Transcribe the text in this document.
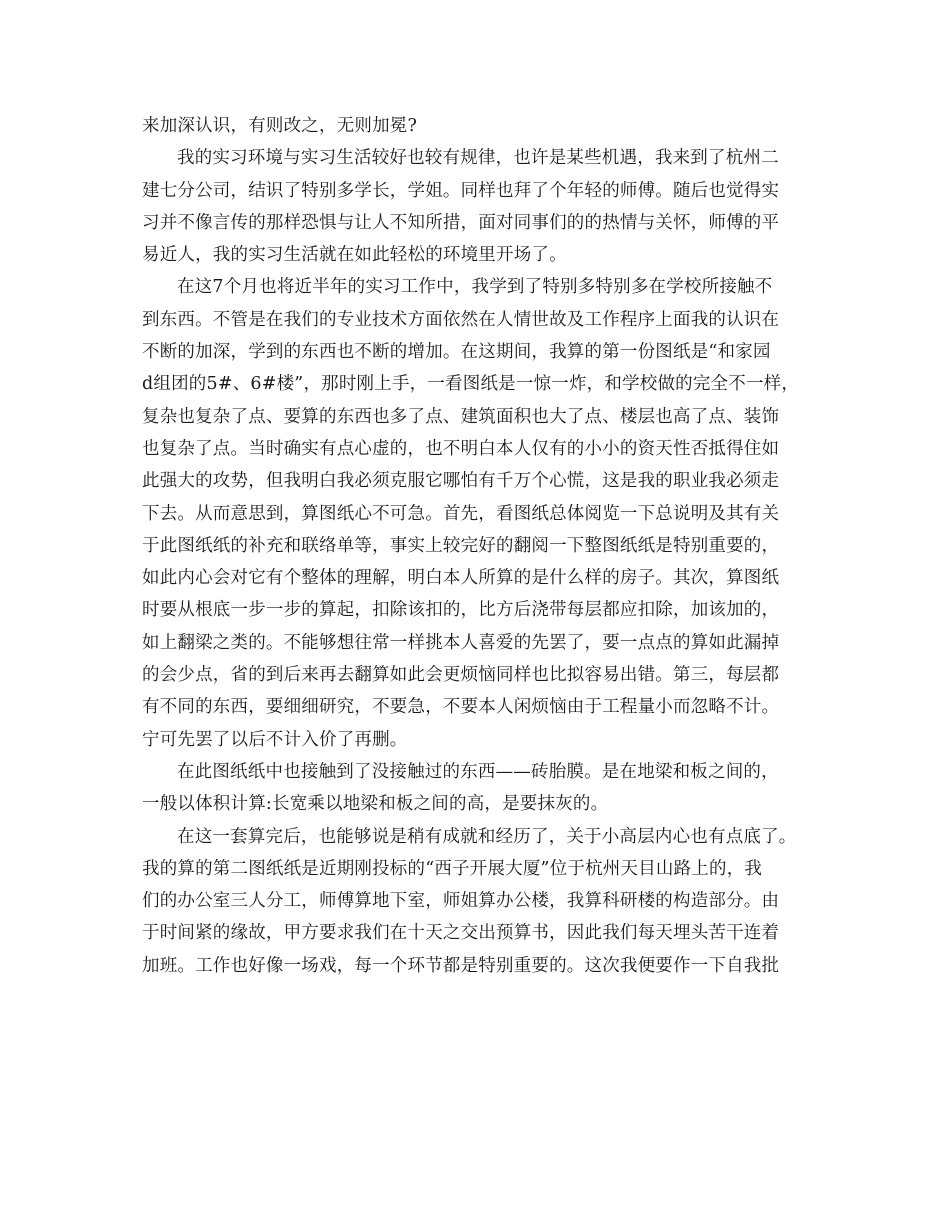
来加深认识，有则改之，无则加冕?
我的实习环境与实习生活较好也较有规律，也许是某些机遇，我来到了杭州二
建七分公司，结识了特别多学长，学姐。同样也拜了个年轻的师傅。随后也觉得实
习并不像言传的那样恐惧与让人不知所措，面对同事们的的热情与关怀，师傅的平
易近人，我的实习生活就在如此轻松的环境里开场了。
在这7个月也将近半年的实习工作中，我学到了特别多特别多在学校所接触不
到东西。不管是在我们的专业技术方面依然在人情世故及工作程序上面我的认识在
不断的加深，学到的东西也不断的增加。在这期间，我算的第一份图纸是“和家园
d组团的5#、6#楼”，那时刚上手，一看图纸是一惊一炸，和学校做的完全不一样，
复杂也复杂了点、要算的东西也多了点、建筑面积也大了点、楼层也高了点、装饰
也复杂了点。当时确实有点心虚的，也不明白本人仅有的小小的资天性否抵得住如
此强大的攻势，但我明白我必须克服它哪怕有千万个心慌，这是我的职业我必须走
下去。从而意思到，算图纸心不可急。首先，看图纸总体阅览一下总说明及其有关
于此图纸纸的补充和联络单等，事实上较完好的翻阅一下整图纸纸是特别重要的，
如此内心会对它有个整体的理解，明白本人所算的是什么样的房子。其次，算图纸
时要从根底一步一步的算起，扣除该扣的，比方后浇带每层都应扣除，加该加的，
如上翻梁之类的。不能够想往常一样挑本人喜爱的先罢了，要一点点的算如此漏掉
的会少点，省的到后来再去翻算如此会更烦恼同样也比拟容易出错。第三，每层都
有不同的东西，要细细研究，不要急，不要本人闲烦恼由于工程量小而忽略不计。
宁可先罢了以后不计入价了再删。
在此图纸纸中也接触到了没接触过的东西——砖胎膜。是在地梁和板之间的，
一般以体积计算:长宽乘以地梁和板之间的高，是要抹灰的。
在这一套算完后，也能够说是稍有成就和经历了，关于小高层内心也有点底了。
我的算的第二图纸纸是近期刚投标的“西子开展大厦”位于杭州天目山路上的，我
们的办公室三人分工，师傅算地下室，师姐算办公楼，我算科研楼的构造部分。由
于时间紧的缘故，甲方要求我们在十天之交出预算书，因此我们每天埋头苦干连着
加班。工作也好像一场戏，每一个环节都是特别重要的。这次我便要作一下自我批
